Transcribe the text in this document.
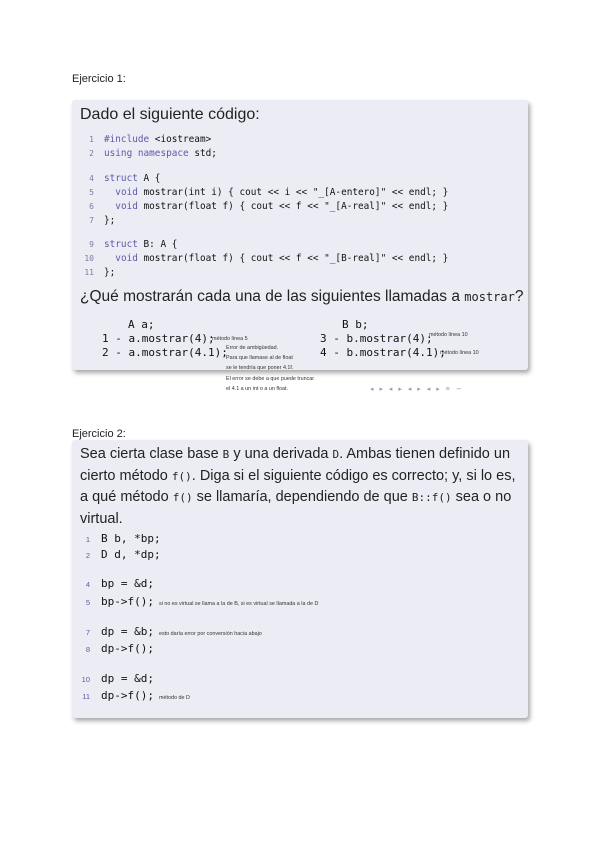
Ejercicio 1:
Dado el siguiente código:
1 #include <iostream>
2 using namespace std;
4 struct A {
5 void mostrar(int i) { cout << i << "_[A-entero]" << endl; }
6 void mostrar(float f) { cout << f << "_[A-real]" << endl; }
7 };
9 struct B: A {
10 void mostrar(float f) { cout << f << "_[B-real]" << endl; }
11 };
¿Qué mostrarán cada una de las siguientes llamadas a mostrar?
A a;	B b;
1 - a.mostrar(4);
2 - a.mostrar(4.1);
3 - b.mostrar(4);
4 - b.mostrar(4.1);
método línea 5
método línea 10
método línea 10
Error de ambigüedad.
Para que llamase al de float
se le tendría que poner 4.1f.
El error se debe a que puede truncar
el 4.1 a un int o a un float.	◂ ▸ ◂ ▸ ◂ ▸ ◂ ▸ ≡ ∽
Ejercicio 2:
Sea cierta clase base B y una derivada D. Ambas tienen definido un cierto método f(). Diga si el siguiente código es correcto; y, si lo es, a qué método f() se llamaría, dependiendo de que B::f() sea o no virtual.
1 B b, *bp;
2 D d, *dp;
4 bp = &d;
5 bp->f(); si no es virtual se llama a la de B, si es virtual se llamada a la de D
7 dp = &b; esto daría error por conversión hacia abajo
8 dp->f();
10 dp = &d;
11 dp->f(); método de D
